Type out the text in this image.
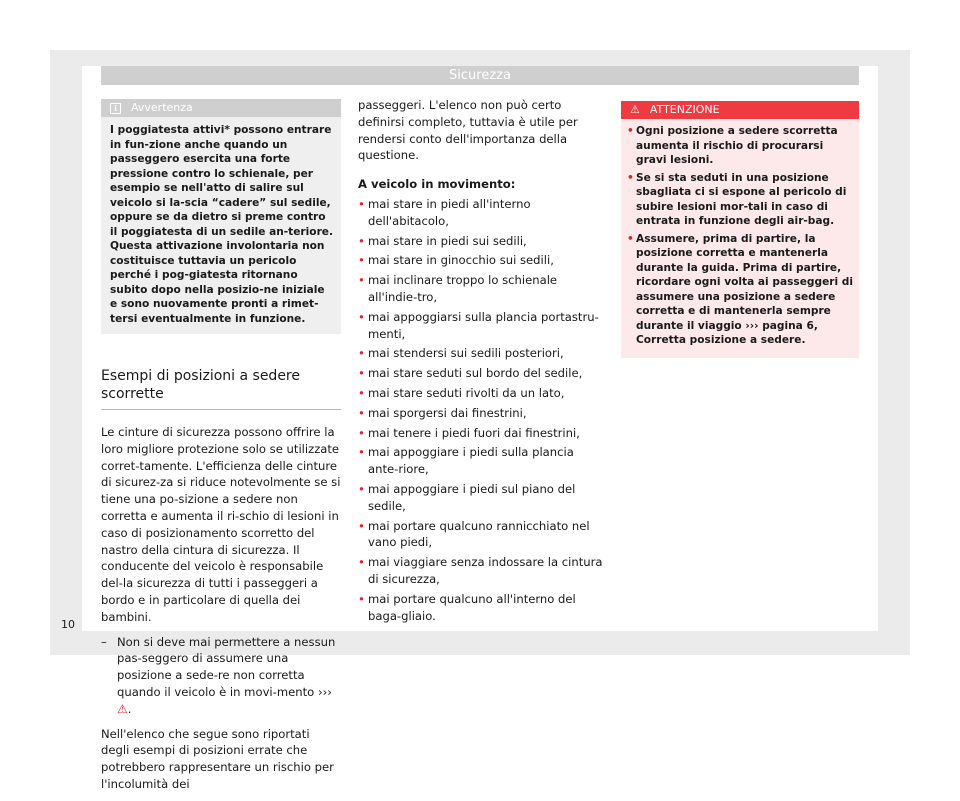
Sicurezza
i	Avvertenza
I poggiatesta attivi* possono entrare in fun-zione anche quando un passeggero esercita una forte pressione contro lo schienale, per esempio se nell'atto di salire sul veicolo si la-scia “cadere” sul sedile, oppure se da dietro si preme contro il poggiatesta di un sedile an-teriore. Questa attivazione involontaria non costituisce tuttavia un pericolo perché i pog-giatesta ritornano subito dopo nella posizio-ne iniziale e sono nuovamente pronti a rimet-tersi eventualmente in funzione.
Esempi di posizioni a sedere scorrette

Le cinture di sicurezza possono offrire la loro migliore protezione solo se utilizzate corret-tamente. L'efficienza delle cinture di sicurez-za si riduce notevolmente se si tiene una po-sizione a sedere non corretta e aumenta il ri-schio di lesioni in caso di posizionamento scorretto del nastro della cintura di sicurezza. Il conducente del veicolo è responsabile del-la sicurezza di tutti i passeggeri a bordo e in particolare di quella dei bambini.

– Non si deve mai permettere a nessun pas-seggero di assumere una posizione a sede-re non corretta quando il veicolo è in movi-mento ››› ⚠.

Nell'elenco che segue sono riportati degli esempi di posizioni errate che potrebbero rappresentare un rischio per l'incolumità dei

passeggeri. L'elenco non può certo definirsi completo, tuttavia è utile per rendersi conto dell'importanza della questione.

A veicolo in movimento:
• mai stare in piedi all'interno dell'abitacolo,
• mai stare in piedi sui sedili,
• mai stare in ginocchio sui sedili,
• mai inclinare troppo lo schienale all'indie-tro,
• mai appoggiarsi sulla plancia portastru-menti,
• mai stendersi sui sedili posteriori,
• mai stare seduti sul bordo del sedile,
• mai stare seduti rivolti da un lato,
• mai sporgersi dai finestrini,
• mai tenere i piedi fuori dai finestrini,
• mai appoggiare i piedi sulla plancia ante-riore,
• mai appoggiare i piedi sul piano del sedile,
• mai portare qualcuno rannicchiato nel vano piedi,
• mai viaggiare senza indossare la cintura di sicurezza,
• mai portare qualcuno all'interno del baga-gliaio.
⚠ ATTENZIONE
• Ogni posizione a sedere scorretta aumenta il rischio di procurarsi gravi lesioni.
• Se si sta seduti in una posizione sbagliata ci si espone al pericolo di subire lesioni mor-tali in caso di entrata in funzione degli air-bag.
• Assumere, prima di partire, la posizione corretta e mantenerla durante la guida. Prima di partire, ricordare ogni volta ai passeggeri di assumere una posizione a sedere corretta e di mantenerla sempre durante il viaggio ››› pagina 6, Corretta posizione a sedere.
10
